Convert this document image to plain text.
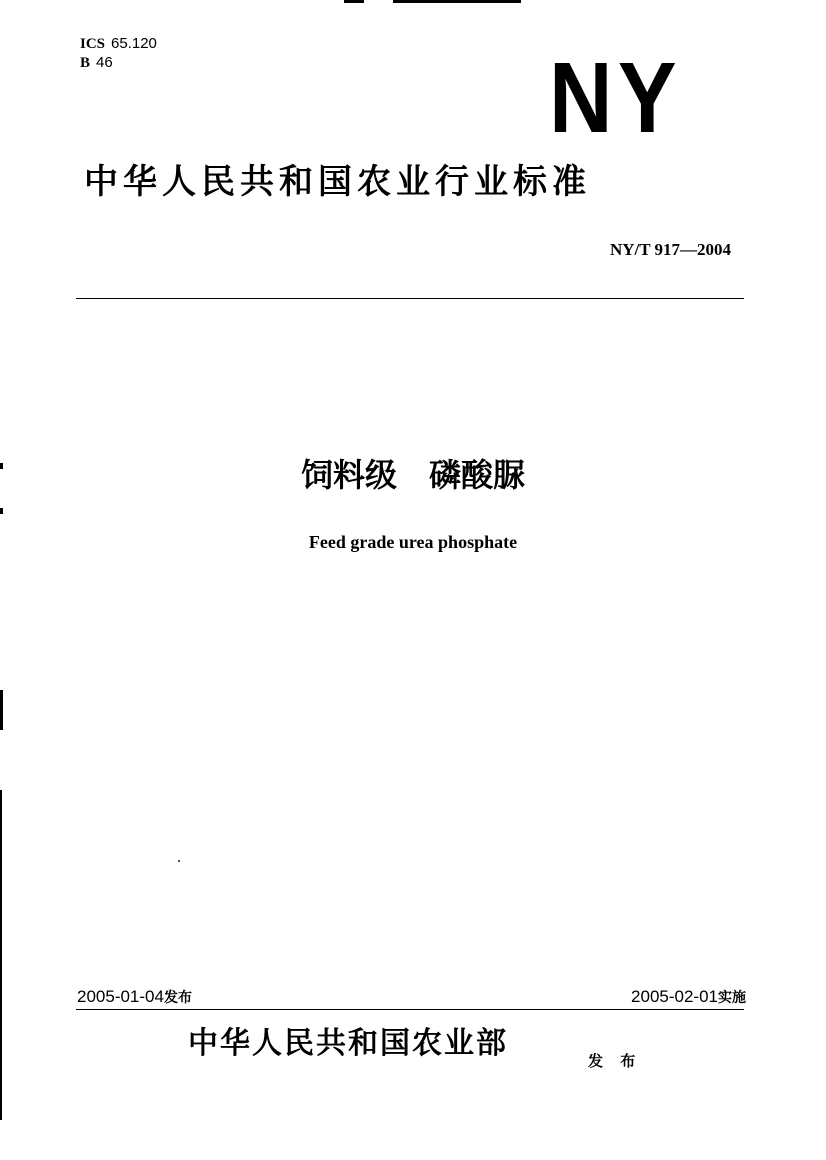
ICS 65.120
B 46	NY
中华人民共和国农业行业标准
NY/T 917—2004
饲料级　磷酸脲
Feed grade urea phosphate
2005-01-04发布	2005-02-01实施
中华人民共和国农业部	发 布
